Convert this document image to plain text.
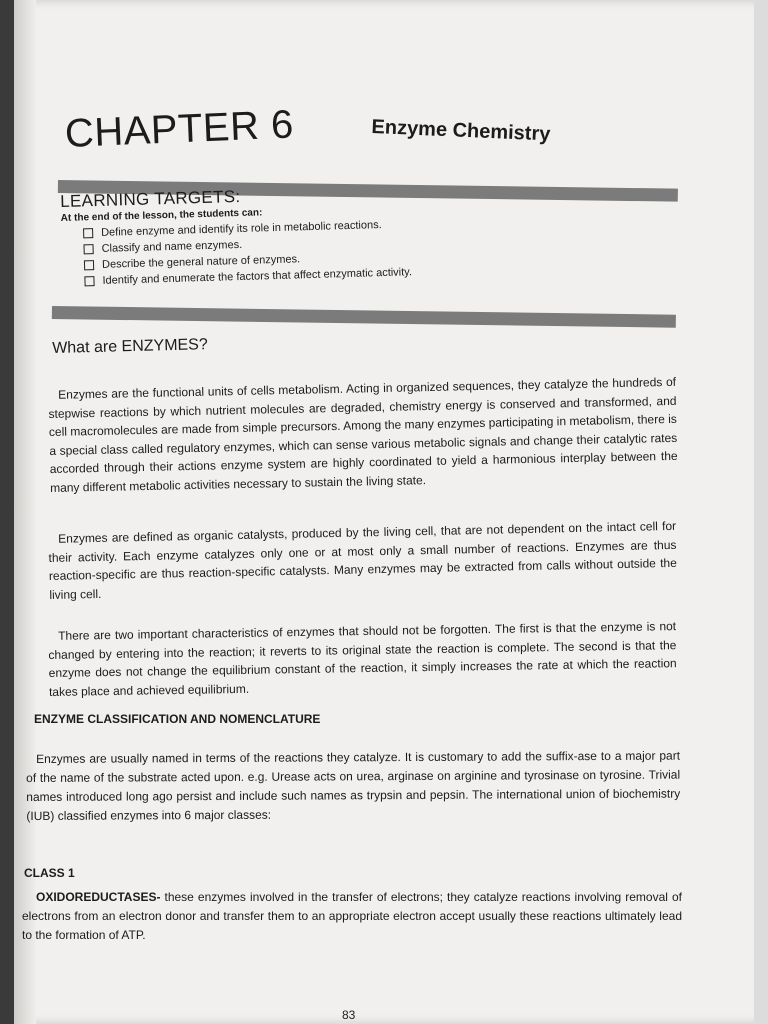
CHAPTER 6	Enzyme Chemistry
LEARNING TARGETS:
At the end of the lesson, the students can:
Define enzyme and identify its role in metabolic reactions.
Classify and name enzymes.
Describe the general nature of enzymes.
Identify and enumerate the factors that affect enzymatic activity.
What are ENZYMES?

Enzymes are the functional units of cells metabolism. Acting in organized sequences, they catalyze the hundreds of stepwise reactions by which nutrient molecules are degraded, chemistry energy is conserved and transformed, and cell macromolecules are made from simple precursors. Among the many enzymes participating in metabolism, there is a special class called regulatory enzymes, which can sense various metabolic signals and change their catalytic rates accorded through their actions enzyme system are highly coordinated to yield a harmonious interplay between the many different metabolic activities necessary to sustain the living state.

Enzymes are defined as organic catalysts, produced by the living cell, that are not dependent on the intact cell for their activity. Each enzyme catalyzes only one or at most only a small number of reactions. Enzymes are thus reaction-specific are thus reaction-specific catalysts. Many enzymes may be extracted from calls without outside the living cell.

There are two important characteristics of enzymes that should not be forgotten. The first is that the enzyme is not changed by entering into the reaction; it reverts to its original state the reaction is complete. The second is that the enzyme does not change the equilibrium constant of the reaction, it simply increases the rate at which the reaction takes place and achieved equilibrium.

ENZYME CLASSIFICATION AND NOMENCLATURE

Enzymes are usually named in terms of the reactions they catalyze. It is customary to add the suffix-ase to a major part of the name of the substrate acted upon. e.g. Urease acts on urea, arginase on arginine and tyrosinase on tyrosine. Trivial names introduced long ago persist and include such names as trypsin and pepsin. The international union of biochemistry (IUB) classified enzymes into 6 major classes:

CLASS 1

OXIDOREDUCTASES- these enzymes involved in the transfer of electrons; they catalyze reactions involving removal of electrons from an electron donor and transfer them to an appropriate electron accept usually these reactions ultimately lead to the formation of ATP.

83
